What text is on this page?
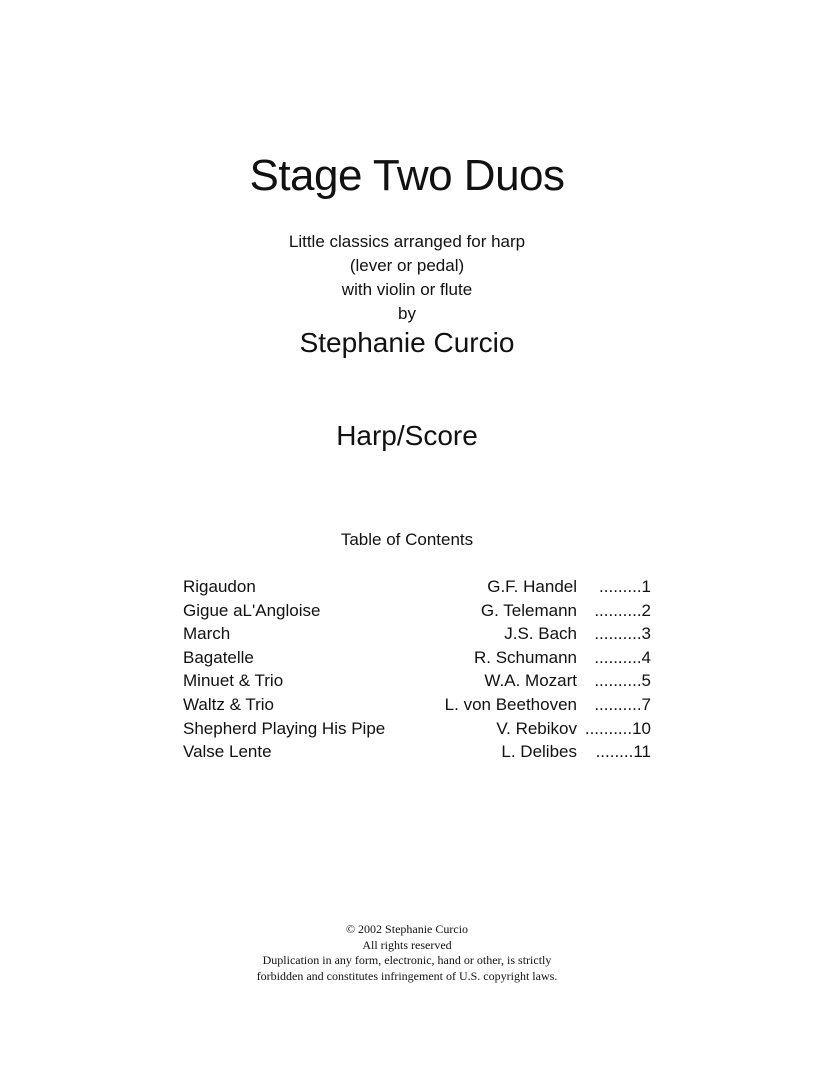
Stage Two Duos
Little classics arranged for harp
(lever or pedal)
with violin or flute
by
Stephanie Curcio
Harp/Score
Table of Contents
Rigaudon	G.F. Handel	.........1
Gigue aL'Angloise	G. Telemann	..........2
March	J.S. Bach	..........3
Bagatelle	R. Schumann	..........4
Minuet & Trio	W.A. Mozart	..........5
Waltz & Trio	L. von Beethoven	..........7
Shepherd Playing His Pipe	V. Rebikov ..........10
Valse Lente	L. Delibes	........11
© 2002 Stephanie Curcio
All rights reserved
Duplication in any form, electronic, hand or other, is strictly
forbidden and constitutes infringement of U.S. copyright laws.
